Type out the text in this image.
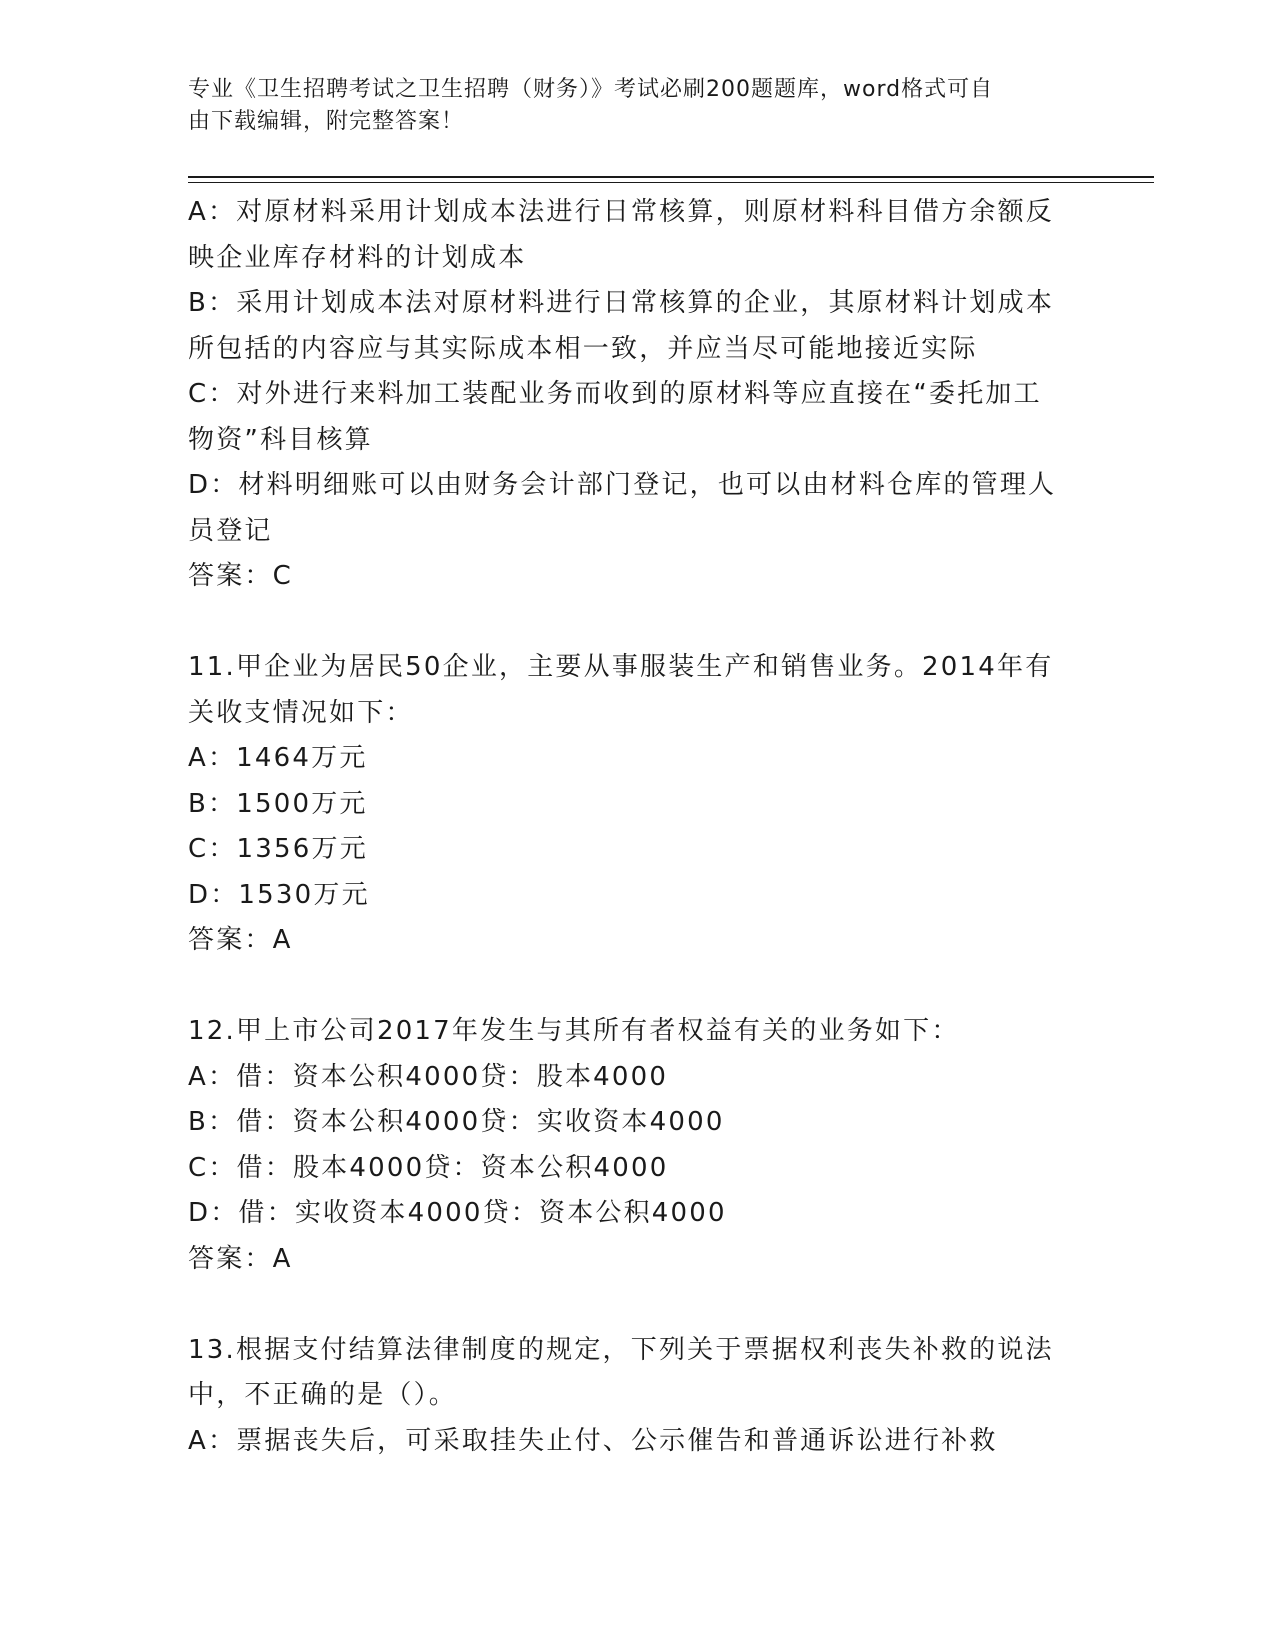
专业《卫生招聘考试之卫生招聘（财务）》考试必刷200题题库，word格式可自
由下载编辑，附完整答案！
A：对原材料采用计划成本法进行日常核算，则原材料科目借方余额反
映企业库存材料的计划成本
B：采用计划成本法对原材料进行日常核算的企业，其原材料计划成本
所包括的内容应与其实际成本相一致，并应当尽可能地接近实际
C：对外进行来料加工装配业务而收到的原材料等应直接在“委托加工
物资”科目核算
D：材料明细账可以由财务会计部门登记，也可以由材料仓库的管理人
员登记
答案：C
11.甲企业为居民50企业，主要从事服装生产和销售业务。2014年有
关收支情况如下：
A：1464万元
B：1500万元
C：1356万元
D：1530万元
答案：A
12.甲上市公司2017年发生与其所有者权益有关的业务如下：
A：借：资本公积4000贷：股本4000
B：借：资本公积4000贷：实收资本4000
C：借：股本4000贷：资本公积4000
D：借：实收资本4000贷：资本公积4000
答案：A
13.根据支付结算法律制度的规定，下列关于票据权利丧失补救的说法
中，不正确的是（）。
A：票据丧失后，可采取挂失止付、公示催告和普通诉讼进行补救
